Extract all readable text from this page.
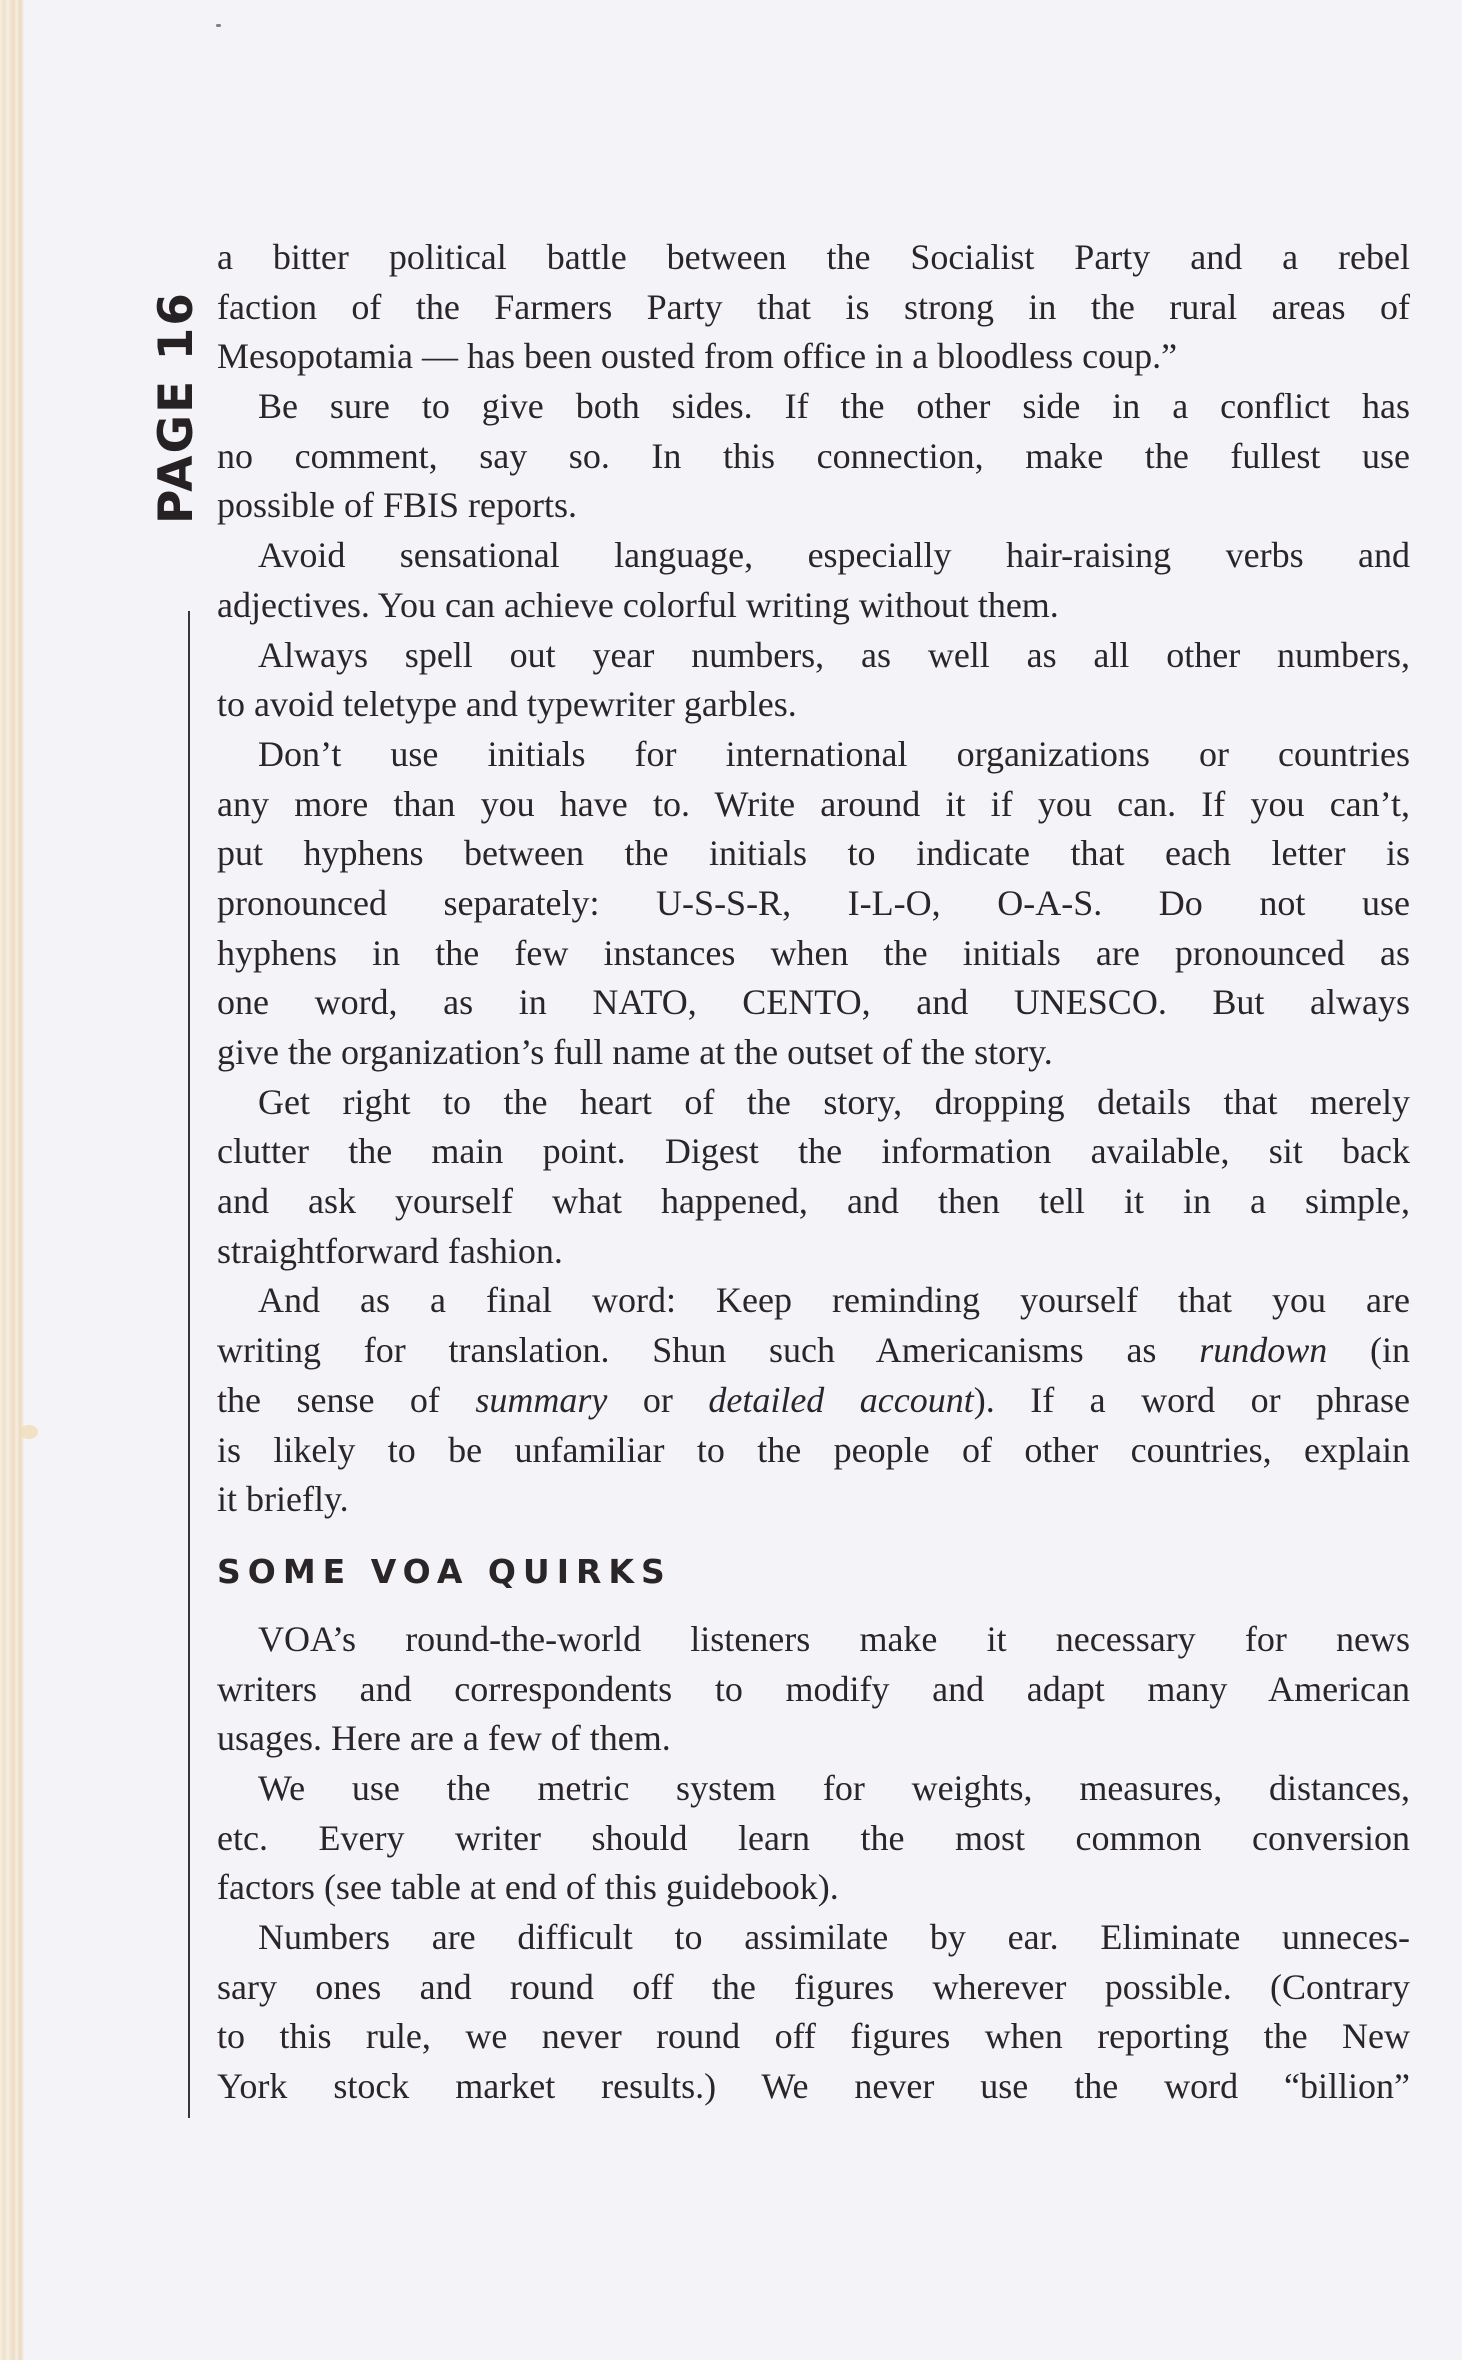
PAGE 16
a bitter political battle between the Socialist Party and a rebel
faction of the Farmers Party that is strong in the rural areas of
Mesopotamia — has been ousted from office in a bloodless coup.”
Be sure to give both sides. If the other side in a conflict has
no comment, say so. In this connection, make the fullest use
possible of FBIS reports.
Avoid sensational language, especially hair-raising verbs and
adjectives. You can achieve colorful writing without them.
Always spell out year numbers, as well as all other numbers,
to avoid teletype and typewriter garbles.
Don’t use initials for international organizations or countries
any more than you have to. Write around it if you can. If you can’t,
put hyphens between the initials to indicate that each letter is
pronounced separately: U-S-S-R, I-L-O, O-A-S. Do not use
hyphens in the few instances when the initials are pronounced as
one word, as in NATO, CENTO, and UNESCO. But always
give the organization’s full name at the outset of the story.
Get right to the heart of the story, dropping details that merely
clutter the main point. Digest the information available, sit back
and ask yourself what happened, and then tell it in a simple,
straightforward fashion.
And as a final word: Keep reminding yourself that you are
writing for translation. Shun such Americanisms as rundown (in
the sense of summary or detailed account). If a word or phrase
is likely to be unfamiliar to the people of other countries, explain
it briefly.
SOME VOA QUIRKS
VOA’s round-the-world listeners make it necessary for news
writers and correspondents to modify and adapt many American
usages. Here are a few of them.
We use the metric system for weights, measures, distances,
etc. Every writer should learn the most common conversion
factors (see table at end of this guidebook).
Numbers are difficult to assimilate by ear. Eliminate unneces-
sary ones and round off the figures wherever possible. (Contrary
to this rule, we never round off figures when reporting the New
York stock market results.) We never use the word “billion”
